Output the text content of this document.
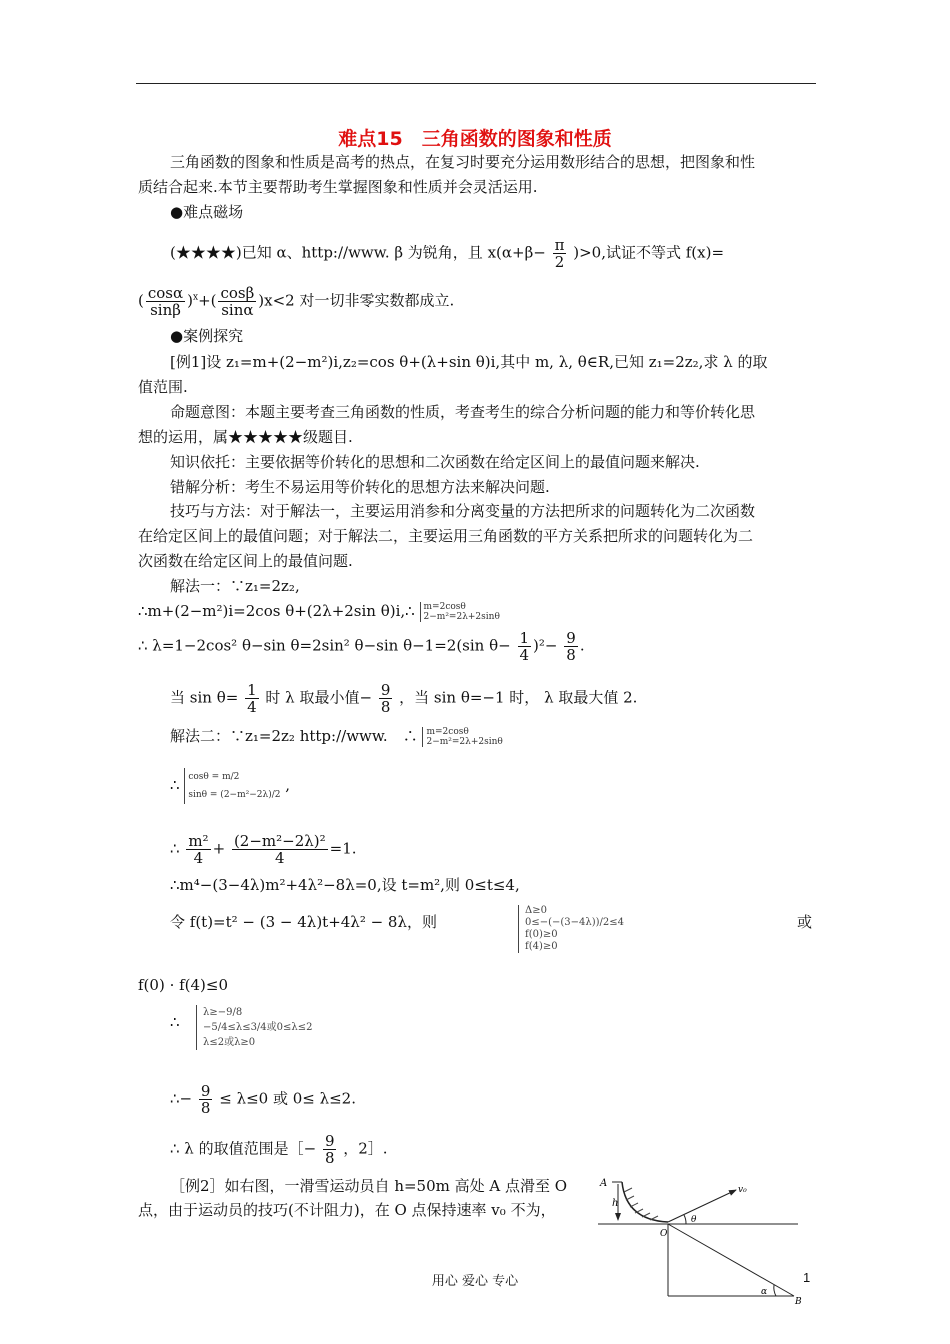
难点15　三角函数的图象和性质
三角函数的图象和性质是高考的热点，在复习时要充分运用数形结合的思想，把图象和性
质结合起来.本节主要帮助考生掌握图象和性质并会灵活运用.
●难点磁场
(★★★★)已知 α、http://www. β 为锐角，且 $x(\alpha+\beta- \frac{\pi}{2} )>0$,试证不等式 f(x)=
( $\frac{\cos\alpha}{\sin\beta} )^x+( \frac{\cos\beta}{\sin\alpha} )x<2$ 对一切非零实数都成立.
●案例探究
[例1]设 z₁=m+(2−m²)i,z₂=cos θ+(λ+sin θ)i,其中 m, λ, θ∈R,已知 z₁=2z₂,求 λ 的取
值范围.
命题意图：本题主要考查三角函数的性质，考查考生的综合分析问题的能力和等价转化思
想的运用，属★★★★★级题目.
知识依托：主要依据等价转化的思想和二次函数在给定区间上的最值问题来解决.
错解分析：考生不易运用等价转化的思想方法来解决问题.
技巧与方法：对于解法一，主要运用消参和分离变量的方法把所求的问题转化为二次函数
在给定区间上的最值问题；对于解法二，主要运用三角函数的平方关系把所求的问题转化为二
次函数在给定区间上的最值问题.
解法一：∵z₁=2z₂,
∴m+(2−m²)i=2cos θ+(2λ+2sin θ)i,∴ m=2cosθ
2−m²=2λ+2sinθ
∴ λ=1−2cos² θ−sin θ=2sin² θ−sin θ−1=2(sin $\theta- \frac{1}{4} )^2- \frac{9}{8}$ .
当 $\sin \theta= \frac{1}{4}$ 时 λ 取最小值− $\frac{9}{8}$ ，当 sin θ=−1 时， λ 取最大值 2.
解法二：∵z₁=2z₂ http://www.　∴ m=2cosθ
2−m²=2λ+2sinθ
∴ cosθ = m/2
sinθ = (2−m²−2λ)/2 ,
∴ $\frac{\text{m²}}{4} + \frac{\text{(2−m²−2λ)²}}{4} =1$.
∴m⁴−(3−4λ)m²+4λ²−8λ=0,设 t=m²,则 0≤t≤4,
令 f(t)=t² − (3 − 4λ)t+4λ² − 8λ，则
Δ≥0
0≤−(−(3−4λ))/2≤4
f(0)≥0
f(4)≥0
或
f(0) · f(4)≤0
∴
λ≥−9/8
−5/4≤λ≤3/4或0≤λ≤2
λ≤2或λ≥0
∴− $\frac{9}{8} \le \lambda\le 0$ 或 0≤ λ≤2.
∴ λ 的取值范围是［− $\frac{9}{8}$ ，2］.
［例2］如右图，一滑雪运动员自 h=50m 高处 A 点滑至 O
点，由于运动员的技巧(不计阻力)，在 O 点保持速率 v₀ 不为，
A
h
O
v₀
θ
α
B
用心 爱心 专心	1
